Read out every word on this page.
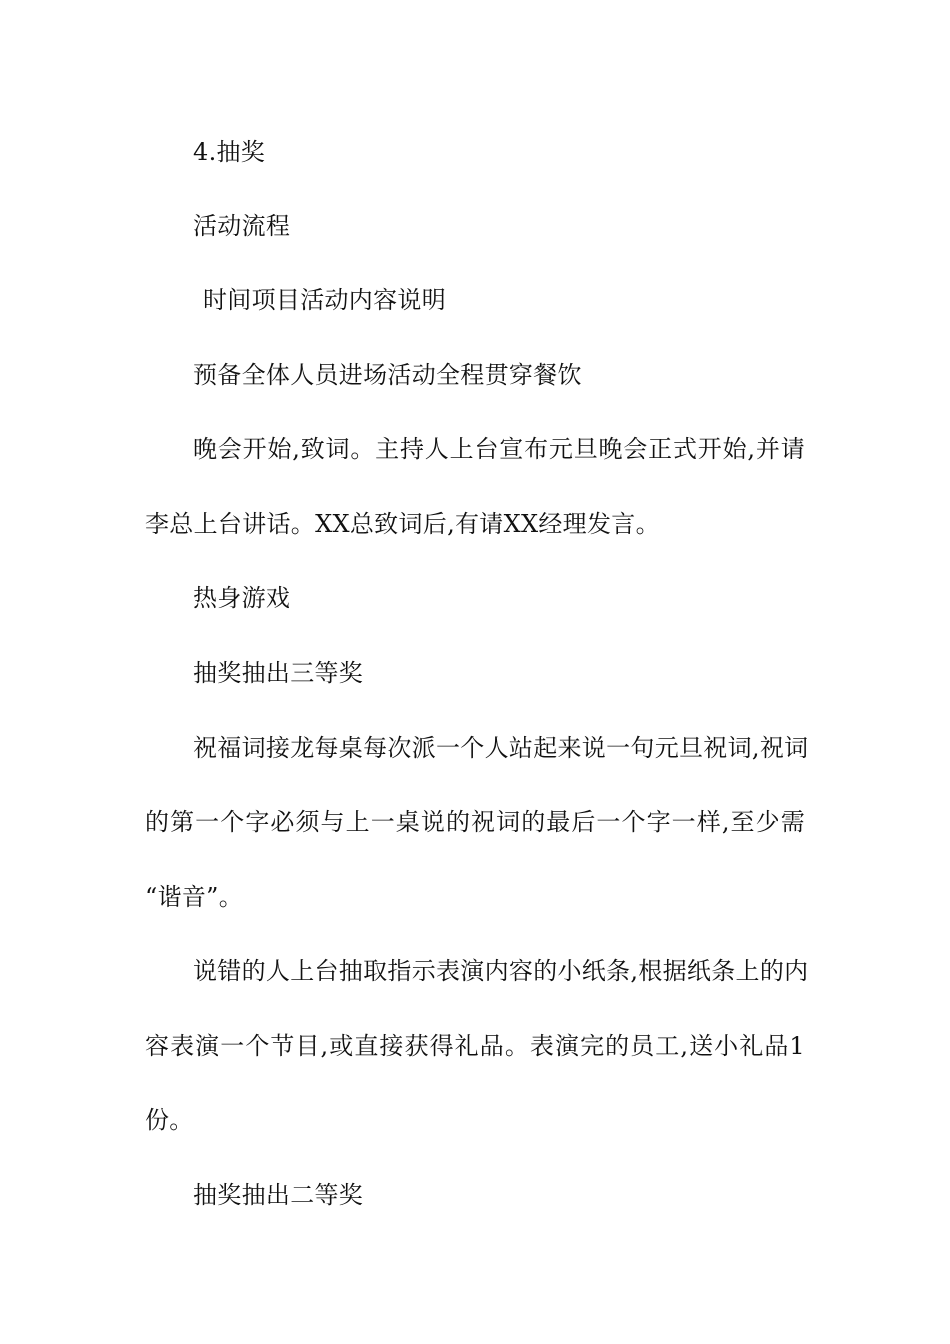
4.抽奖

活动流程

时间项目活动内容说明

预备全体人员进场活动全程贯穿餐饮

晚会开始,致词。主持人上台宣布元旦晚会正式开始,并请

李总上台讲话。XX总致词后,有请XX经理发言。

热身游戏

抽奖抽出三等奖

祝福词接龙每桌每次派一个人站起来说一句元旦祝词,祝词

的第一个字必须与上一桌说的祝词的最后一个字一样,至少需

“谐音”。

说错的人上台抽取指示表演内容的小纸条,根据纸条上的内

容表演一个节目,或直接获得礼品。表演完的员工,送小礼品1

份。

抽奖抽出二等奖
